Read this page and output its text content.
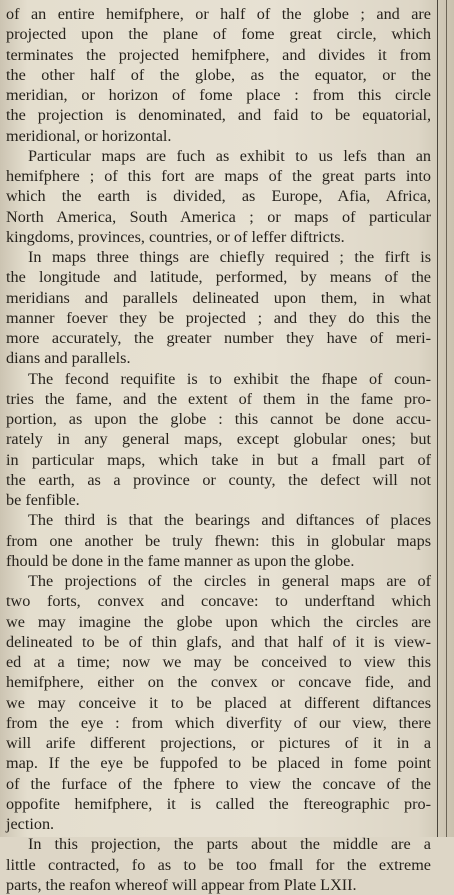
of an entire hemifphere, or half of the globe ; and are
projected upon the plane of fome great circle, which
terminates the projected hemifphere, and divides it from
the other half of the globe, as the equator, or the
meridian, or horizon of fome place : from this circle
the projection is denominated, and faid to be equatorial,
meridional, or horizontal.
Particular maps are fuch as exhibit to us lefs than an
hemifphere ; of this fort are maps of the great parts into
which the earth is divided, as Europe, Afia, Africa,
North America, South America ; or maps of particular
kingdoms, provinces, countries, or of leffer diftricts.
In maps three things are chiefly required ; the firft is
the longitude and latitude, performed, by means of the
meridians and parallels delineated upon them, in what
manner foever they be projected ; and they do this the
more accurately, the greater number they have of meri-
dians and parallels.
The fecond requifite is to exhibit the fhape of coun-
tries the fame, and the extent of them in the fame pro-
portion, as upon the globe : this cannot be done accu-
rately in any general maps, except globular ones; but
in particular maps, which take in but a fmall part of
the earth, as a province or county, the defect will not
be fenfible.
The third is that the bearings and diftances of places
from one another be truly fhewn: this in globular maps
fhould be done in the fame manner as upon the globe.
The projections of the circles in general maps are of
two forts, convex and concave: to underftand which
we may imagine the globe upon which the circles are
delineated to be of thin glafs, and that half of it is view-
ed at a time; now we may be conceived to view this
hemifphere, either on the convex or concave fide, and
we may conceive it to be placed at different diftances
from the eye : from which diverfity of our view, there
will arife different projections, or pictures of it in a
map. If the eye be fuppofed to be placed in fome point
of the furface of the fphere to view the concave of the
oppofite hemifphere, it is called the ftereographic pro-
jection.
In this projection, the parts about the middle are a
little contracted, fo as to be too fmall for the extreme
parts, the reafon whereof will appear from Plate LXII.
